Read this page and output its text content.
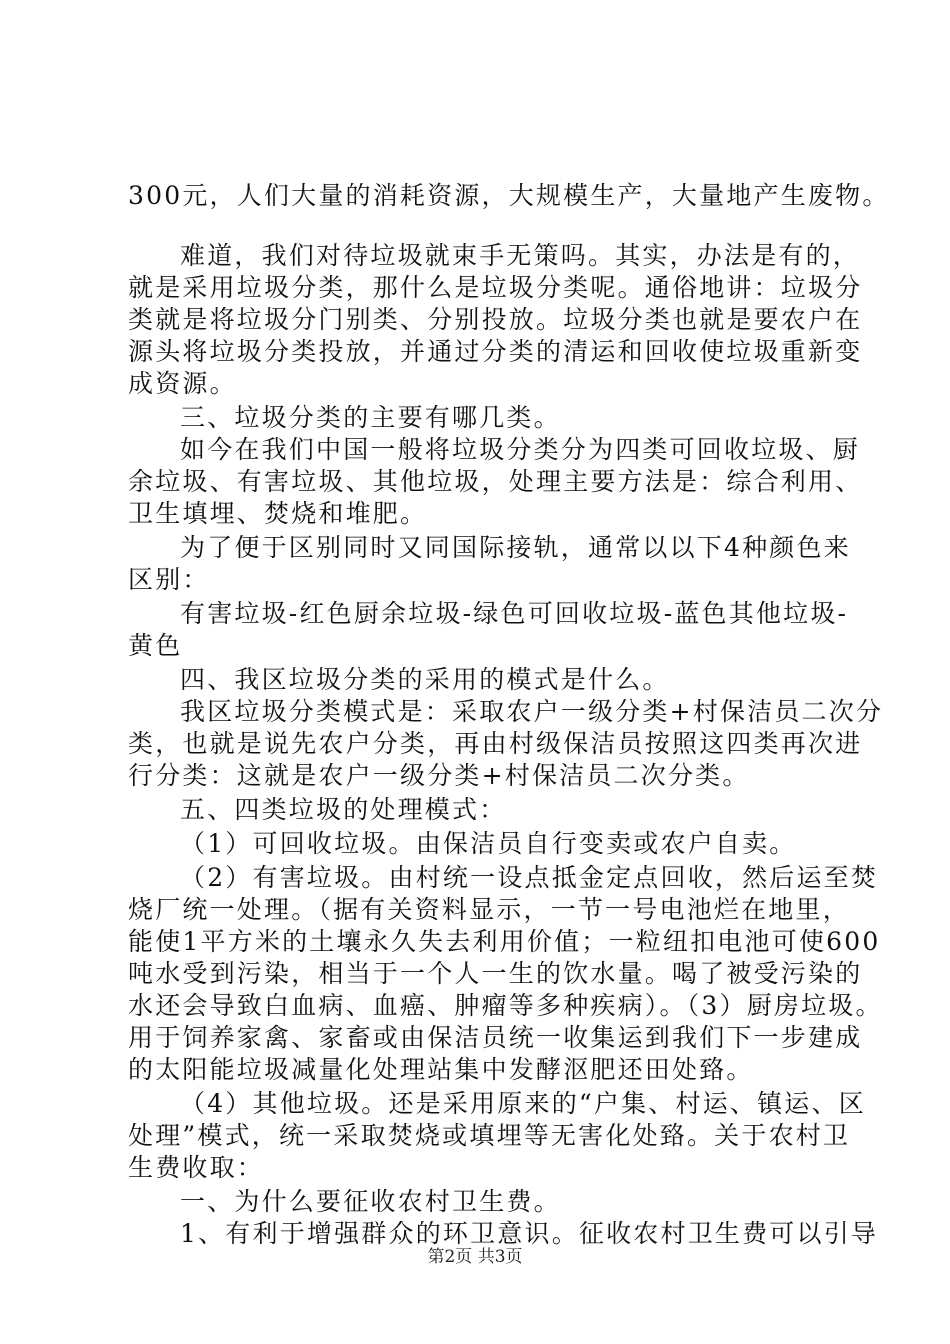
300元，人们大量的消耗资源，大规模生产，大量地产生废物。
难道，我们对待垃圾就束手无策吗。其实，办法是有的，
就是采用垃圾分类，那什么是垃圾分类呢。通俗地讲：垃圾分
类就是将垃圾分门别类、分别投放。垃圾分类也就是要农户在
源头将垃圾分类投放，并通过分类的清运和回收使垃圾重新变
成资源。
三、垃圾分类的主要有哪几类。
如今在我们中国一般将垃圾分类分为四类可回收垃圾、厨
余垃圾、有害垃圾、其他垃圾，处理主要方法是：综合利用、
卫生填埋、焚烧和堆肥。
为了便于区别同时又同国际接轨，通常以以下4种颜色来
区别：
有害垃圾-红色厨余垃圾-绿色可回收垃圾-蓝色其他垃圾-
黄色
四、我区垃圾分类的采用的模式是什么。
我区垃圾分类模式是：采取农户一级分类+村保洁员二次分
类，也就是说先农户分类，再由村级保洁员按照这四类再次进
行分类：这就是农户一级分类+村保洁员二次分类。
五、四类垃圾的处理模式：
（1）可回收垃圾。由保洁员自行变卖或农户自卖。
（2）有害垃圾。由村统一设点抵金定点回收，然后运至焚
烧厂统一处理。（据有关资料显示，一节一号电池烂在地里，
能使1平方米的土壤永久失去利用价值；一粒纽扣电池可使600
吨水受到污染，相当于一个人一生的饮水量。喝了被受污染的
水还会导致白血病、血癌、肿瘤等多种疾病）。（3）厨房垃圾。
用于饲养家禽、家畜或由保洁员统一收集运到我们下一步建成
的太阳能垃圾减量化处理站集中发酵沤肥还田处臵。
（4）其他垃圾。还是采用原来的“户集、村运、镇运、区
处理”模式，统一采取焚烧或填埋等无害化处臵。关于农村卫
生费收取：
一、为什么要征收农村卫生费。
1、有利于增强群众的环卫意识。征收农村卫生费可以引导
第2页 共3页
